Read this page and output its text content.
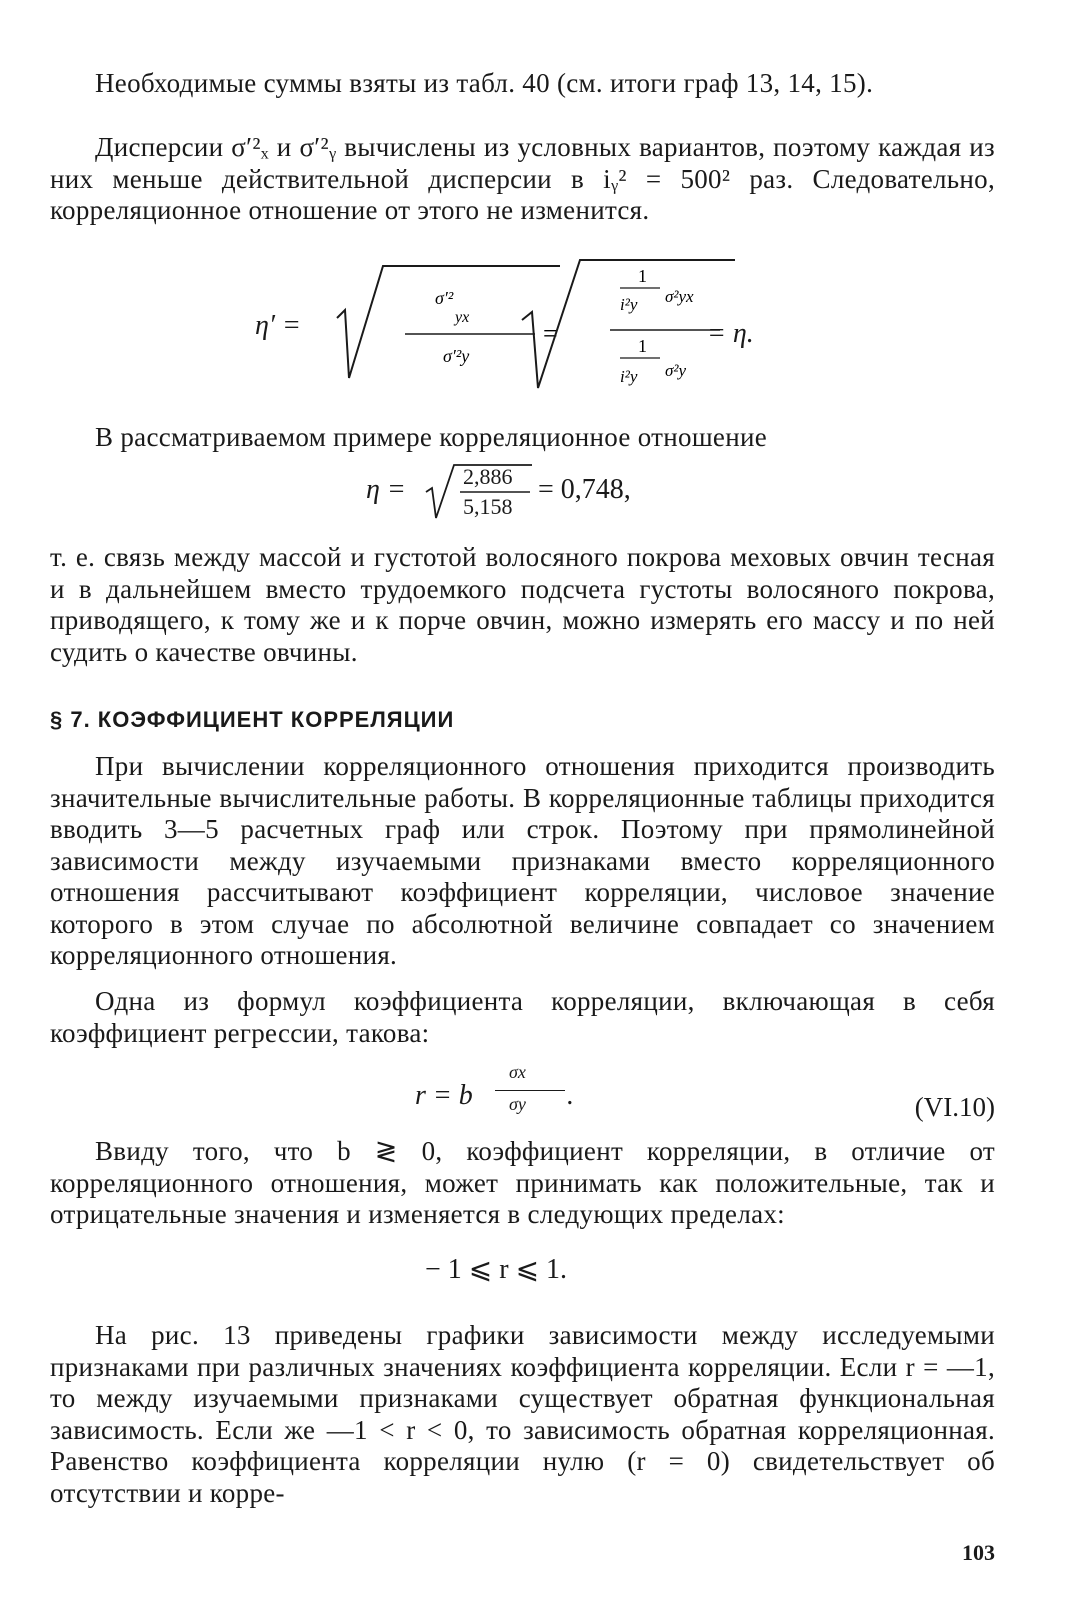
Необходимые суммы взяты из табл. 40 (см. итоги граф 13, 14, 15).

Дисперсии σ′²ₓ и σ′²ᵧ вычислены из условных вариантов, поэтому каждая из них меньше действительной дисперсии в iᵧ² = 500² раз. Следовательно, корреляционное отношение от этого не изменится.

η′ =
σ′²
yx
σ′²y
=
1
i²y σ²yx
1
i²y σ²y
= η.

В рассматриваемом примере корреляционное отношение

η =	2,886
5,158
= 0,748,

т. е. связь между массой и густотой волосяного покрова меховых овчин тесная и в дальнейшем вместо трудоемкого подсчета густоты волосяного покрова, приводящего, к тому же и к порче овчин, можно измерять его массу и по ней судить о качестве овчины.

§ 7. КОЭФФИЦИЕНТ КОРРЕЛЯЦИИ

При вычислении корреляционного отношения приходится производить значительные вычислительные работы. В корреляционные таблицы приходится вводить 3—5 расчетных граф или строк. Поэтому при прямолинейной зависимости между изучаемыми признаками вместо корреляционного отношения рассчитывают коэффициент корреляции, числовое значение которого в этом случае по абсолютной величине совпадает со значением корреляционного отношения.

Одна из формул коэффициента корреляции, включающая в себя коэффициент регрессии, такова:

r = b
σx
σy .	(VI.10)

Ввиду того, что b ≷ 0, коэффициент корреляции, в отличие от корреляционного отношения, может принимать как положительные, так и отрицательные значения и изменяется в следующих пределах:

− 1 ⩽ r ⩽ 1.

На рис. 13 приведены графики зависимости между исследуемыми признаками при различных значениях коэффициента корреляции. Если r = —1, то между изучаемыми признаками существует обратная функциональная зависимость. Если же —1 < r < 0, то зависимость обратная корреляционная. Равенство коэффициента корреляции нулю (r = 0) свидетельствует об отсутствии и корре-

103
